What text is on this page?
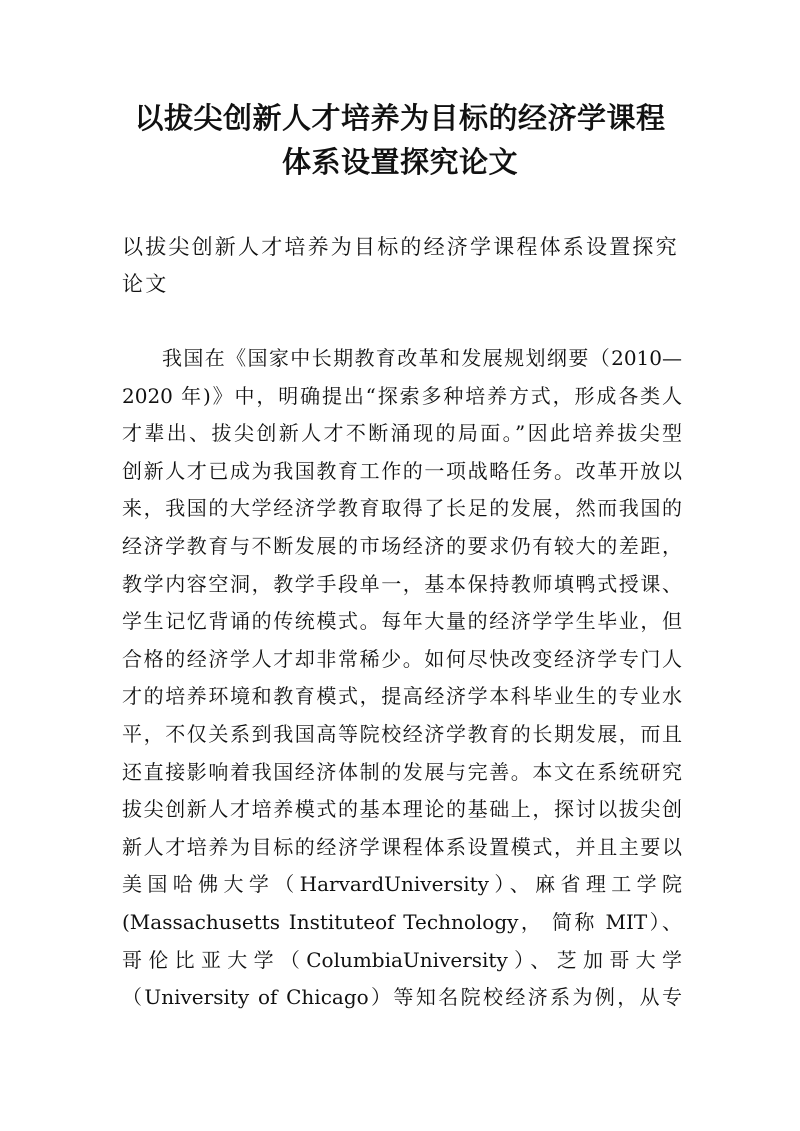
以拔尖创新人才培养为目标的经济学课程
体系设置探究论文
以拔尖创新人才培养为目标的经济学课程体系设置探究论文
我国在《国家中长期教育改革和发展规划纲要（2010—
2020 年)》中，明确提出“探索多种培养方式，形成各类人
才辈出、拔尖创新人才不断涌现的局面。”因此培养拔尖型
创新人才已成为我国教育工作的一项战略任务。改革开放以
来，我国的大学经济学教育取得了长足的发展，然而我国的
经济学教育与不断发展的市场经济的要求仍有较大的差距，
教学内容空洞，教学手段单一，基本保持教师填鸭式授课、
学生记忆背诵的传统模式。每年大量的经济学学生毕业，但
合格的经济学人才却非常稀少。如何尽快改变经济学专门人
才的培养环境和教育模式，提高经济学本科毕业生的专业水
平，不仅关系到我国高等院校经济学教育的长期发展，而且
还直接影响着我国经济体制的发展与完善。本文在系统研究
拔尖创新人才培养模式的基本理论的基础上，探讨以拔尖创
新人才培养为目标的经济学课程体系设置模式，并且主要以
美国哈佛大学（HarvardUniversity）、麻省理工学院
(Massachusetts Instituteof Technology， 简称 MIT）、
哥伦比亚大学（ColumbiaUniversity）、芝加哥大学
（University of Chicago）等知名院校经济系为例，从专
